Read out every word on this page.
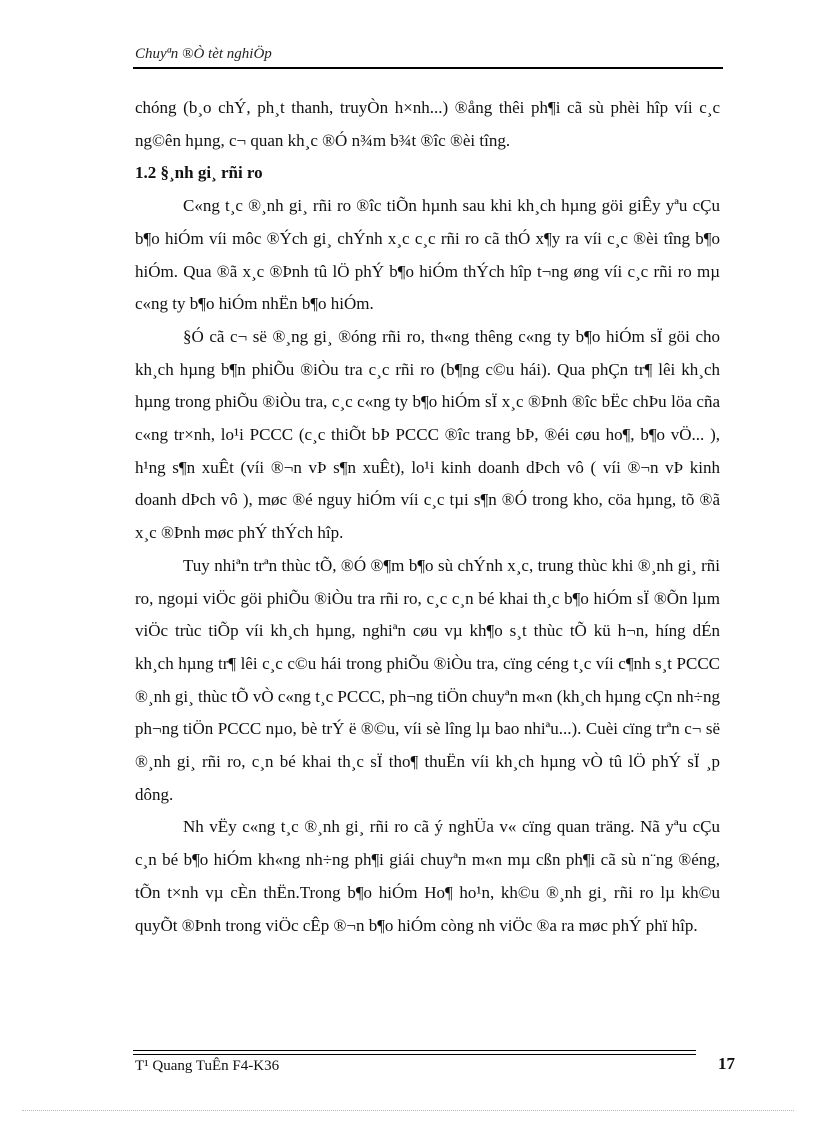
Chuyªn ®Ò tèt nghiÖp

chóng (b¸o chÝ, ph¸t thanh, truyÒn h×nh...) ®ång thêi ph¶i cã sù phèi hîp víi c¸c ng©ên hµng, c¬ quan kh¸c ®Ó n¾m b¾t ®îc ®èi tîng.

1.2 §¸nh gi¸ rñi ro

C«ng t¸c ®¸nh gi¸ rñi ro ®îc tiÕn hµnh sau khi kh¸ch hµng göi giÊy yªu cÇu b¶o hiÓm víi môc ®Ých gi¸ chÝnh x¸c c¸c rñi ro cã thÓ x¶y ra víi c¸c ®èi tîng b¶o hiÓm. Qua ®ã x¸c ®Þnh tû lÖ phÝ b¶o hiÓm thÝch hîp t¬ng øng víi c¸c rñi ro mµ c«ng ty b¶o hiÓm nhËn b¶o hiÓm.

§Ó cã c¬ së ®¸ng gi¸ ®óng rñi ro, th«ng thêng c«ng ty b¶o hiÓm sÏ göi cho kh¸ch hµng b¶n phiÕu ®iÒu tra c¸c rñi ro (b¶ng c©u hái). Qua phÇn tr¶ lêi kh¸ch hµng trong phiÕu ®iÒu tra, c¸c c«ng ty b¶o hiÓm sÏ x¸c ®Þnh ®îc bËc chÞu löa cña c«ng tr×nh, lo¹i PCCC (c¸c thiÕt bÞ PCCC ®îc trang bÞ, ®éi cøu ho¶, b¶o vÖ... ), h¹ng s¶n xuÊt (víi ®¬n vÞ s¶n xuÊt), lo¹i kinh doanh dÞch vô ( víi ®¬n vÞ kinh doanh dÞch vô ), møc ®é nguy hiÓm víi c¸c tµi s¶n ®Ó trong kho, cöa hµng, tõ ®ã x¸c ®Þnh møc phÝ thÝch hîp.

Tuy nhiªn trªn thùc tÕ, ®Ó ®¶m b¶o sù chÝnh x¸c, trung thùc khi ®¸nh gi¸ rñi ro, ngoµi viÖc göi phiÕu ®iÒu tra rñi ro, c¸c c¸n bé khai th¸c b¶o hiÓm sÏ ®Õn lµm viÖc trùc tiÕp víi kh¸ch hµng, nghiªn cøu vµ kh¶o s¸t thùc tÕ kü h¬n, híng dÉn kh¸ch hµng tr¶ lêi c¸c c©u hái trong phiÕu ®iÒu tra, cïng céng t¸c víi c¶nh s¸t PCCC ®¸nh gi¸ thùc tÕ vÒ c«ng t¸c PCCC, ph¬ng tiÖn chuyªn m«n (kh¸ch hµng cÇn nh÷ng ph¬ng tiÖn PCCC nµo, bè trÝ ë ®©u, víi sè lîng lµ bao nhiªu...). Cuèi cïng trªn c¬ së ®¸nh gi¸ rñi ro, c¸n bé khai th¸c sÏ tho¶ thuËn víi kh¸ch hµng vÒ tû lÖ phÝ sÏ ¸p dông.

Nh vËy c«ng t¸c ®¸nh gi¸ rñi ro cã ý nghÜa v« cïng quan träng. Nã yªu cÇu c¸n bé b¶o hiÓm kh«ng nh÷ng ph¶i giái chuyªn m«n mµ cßn ph¶i cã sù n¨ng ®éng, tÕn t×nh vµ cÈn thËn.Trong b¶o hiÓm Ho¶ ho¹n, kh©u ®¸nh gi¸ rñi ro lµ kh©u quyÕt ®Þnh trong viÖc cÊp ®¬n b¶o hiÓm còng nh viÖc ®a ra møc phÝ phï hîp.

T¹ Quang TuÊn F4-K36	17
